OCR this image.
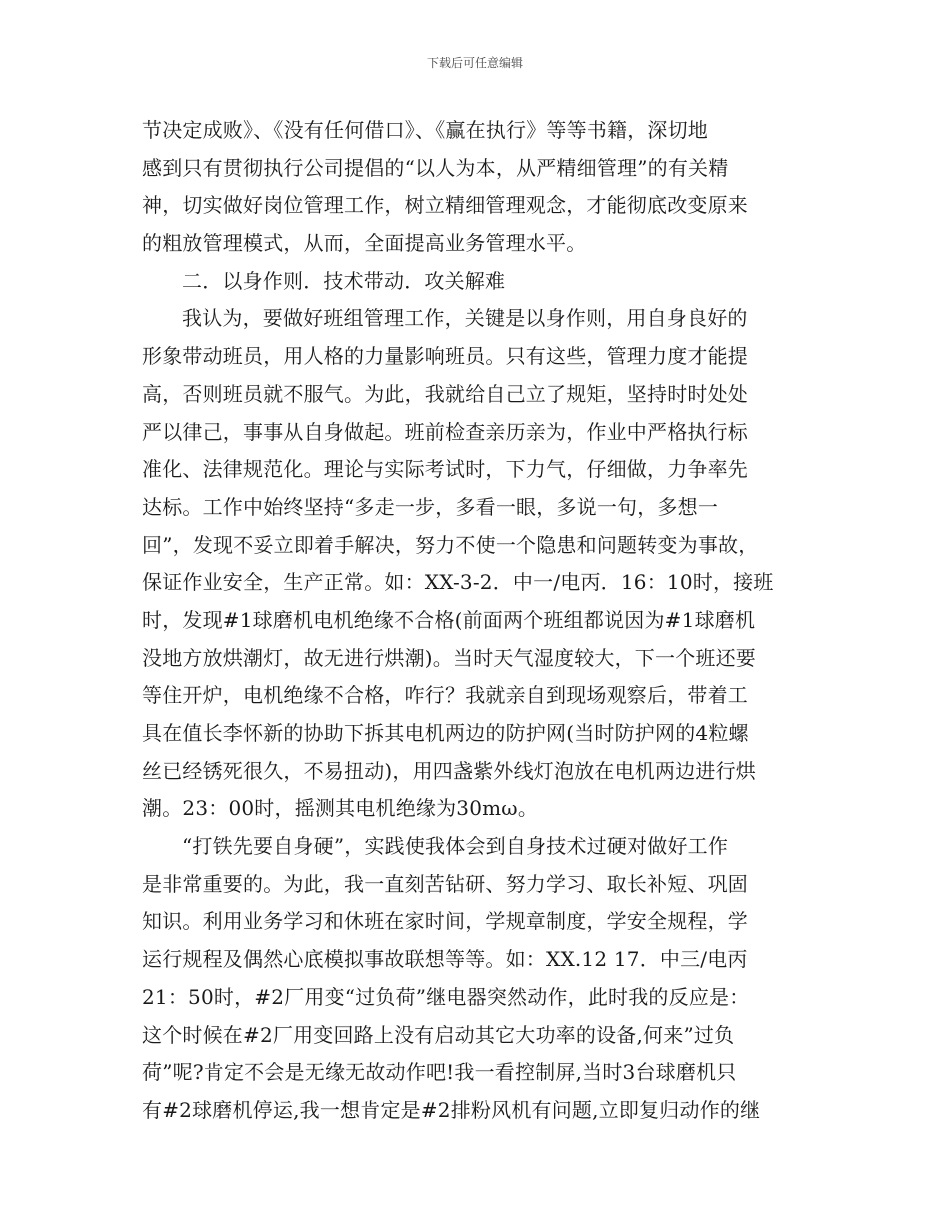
下载后可任意编辑
节决定成败》、《没有任何借口》、《赢在执行》等等书籍，深切地
感到只有贯彻执行公司提倡的“以人为本，从严精细管理”的有关精
神，切实做好岗位管理工作，树立精细管理观念，才能彻底改变原来
的粗放管理模式，从而，全面提高业务管理水平。
二．以身作则．技术带动．攻关解难
我认为，要做好班组管理工作，关键是以身作则，用自身良好的
形象带动班员，用人格的力量影响班员。只有这些，管理力度才能提
高，否则班员就不服气。为此，我就给自己立了规矩，坚持时时处处
严以律己，事事从自身做起。班前检查亲历亲为，作业中严格执行标
准化、法律规范化。理论与实际考试时，下力气，仔细做，力争率先
达标。工作中始终坚持“多走一步，多看一眼，多说一句，多想一
回”，发现不妥立即着手解决，努力不使一个隐患和问题转变为事故，
保证作业安全，生产正常。如：XX-3-2．中一/电丙．16：10时，接班
时，发现#1球磨机电机绝缘不合格(前面两个班组都说因为#1球磨机
没地方放烘潮灯，故无进行烘潮)。当时天气湿度较大，下一个班还要
等住开炉，电机绝缘不合格，咋行？我就亲自到现场观察后，带着工
具在值长李怀新的协助下拆其电机两边的防护网(当时防护网的4粒螺
丝已经锈死很久，不易扭动)，用四盏紫外线灯泡放在电机两边进行烘
潮。23：00时，摇测其电机绝缘为30mω。
“打铁先要自身硬”，实践使我体会到自身技术过硬对做好工作
是非常重要的。为此，我一直刻苦钻研、努力学习、取长补短、巩固
知识。利用业务学习和休班在家时间，学规章制度，学安全规程，学
运行规程及偶然心底模拟事故联想等等。如：XX.12 17．中三/电丙
21：50时，#2厂用变“过负荷”继电器突然动作，此时我的反应是：
这个时候在#2厂用变回路上没有启动其它大功率的设备,何来”过负
荷”呢?肯定不会是无缘无故动作吧!我一看控制屏,当时3台球磨机只
有#2球磨机停运,我一想肯定是#2排粉风机有问题,立即复归动作的继
